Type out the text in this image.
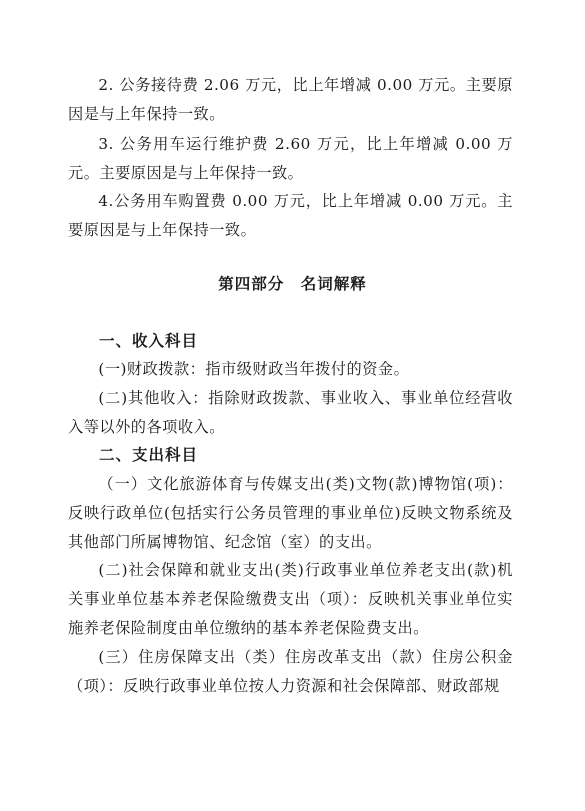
2. 公务接待费 2.06 万元，比上年增减 0.00 万元。主要原因是与上年保持一致。

3. 公务用车运行维护费 2.60 万元，比上年增减 0.00 万元。主要原因是与上年保持一致。

4.公务用车购置费 0.00 万元，比上年增减 0.00 万元。主要原因是与上年保持一致。

第四部分　名词解释
一、收入科目

(一)财政拨款：指市级财政当年拨付的资金。

(二)其他收入：指除财政拨款、事业收入、事业单位经营收入等以外的各项收入。

二、支出科目

（一）文化旅游体育与传媒支出(类)文物(款)博物馆(项)：反映行政单位(包括实行公务员管理的事业单位)反映文物系统及其他部门所属博物馆、纪念馆（室）的支出。

(二)社会保障和就业支出(类)行政事业单位养老支出(款)机关事业单位基本养老保险缴费支出（项）：反映机关事业单位实施养老保险制度由单位缴纳的基本养老保险费支出。

(三）住房保障支出（类）住房改革支出（款）住房公积金（项）：反映行政事业单位按人力资源和社会保障部、财政部规
